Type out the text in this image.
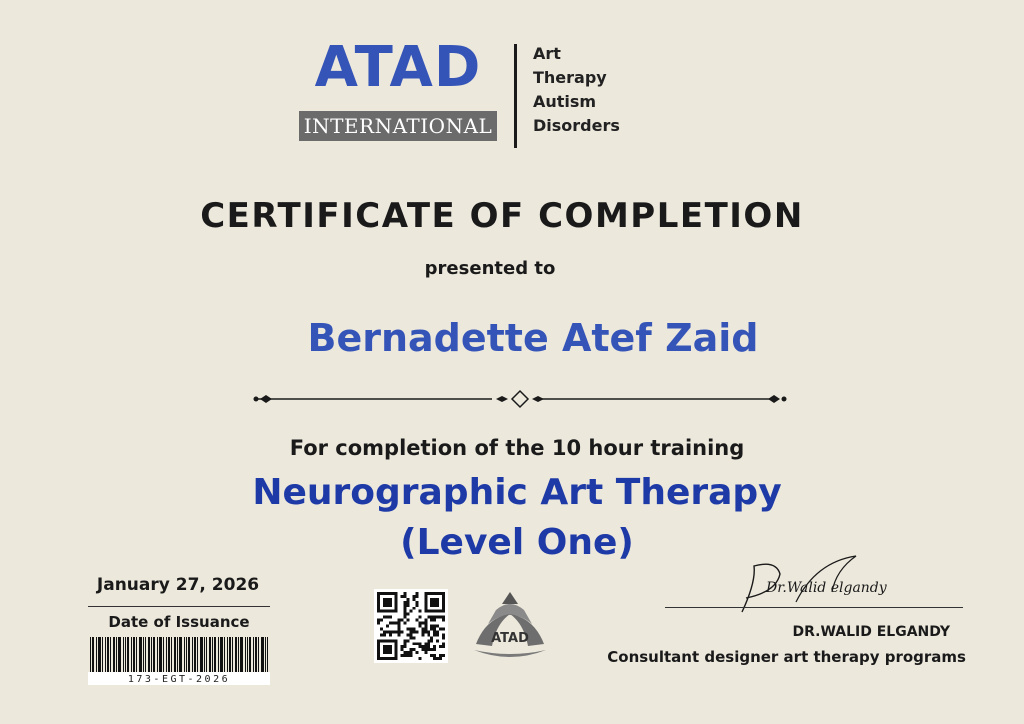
ATAD
INTERNATIONAL
Art
Therapy
Autism
Disorders
CERTIFICATE OF COMPLETION
presented to
Bernadette Atef Zaid
For completion of the 10 hour training
Neurographic Art Therapy
(Level One)
January 27, 2026
Date of Issuance
173-EGT-2026
ATAD
Dr.Walid elgandy
DR.WALID ELGANDY
Consultant designer art therapy programs
